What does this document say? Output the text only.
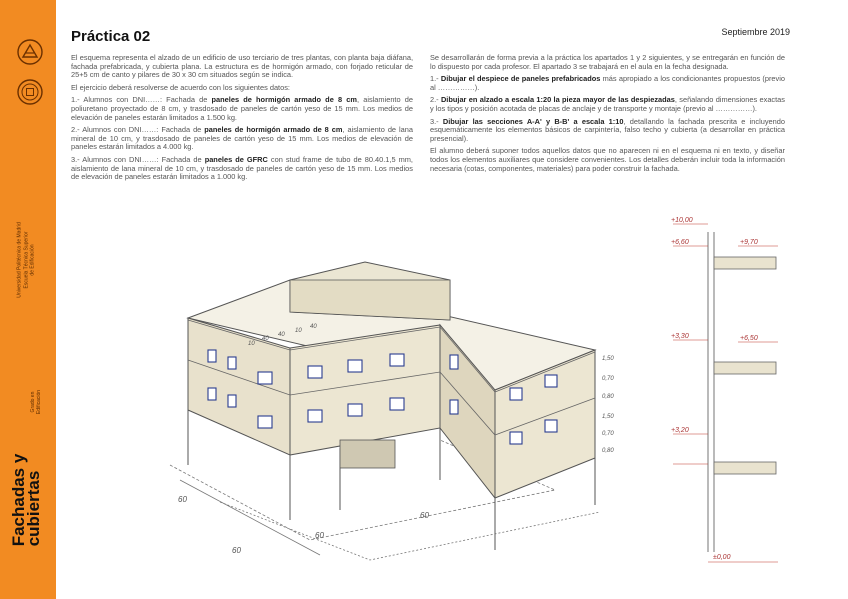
Universidad Politécnica de Madrid Escuela Técnica Superior de Edificación
Grado en Edificación
Fachadas y
cubiertas
Práctica 02	Septiembre 2019

El esquema representa el alzado de un edificio de uso terciario de tres plantas, con planta baja diáfana, fachada prefabricada, y cubierta plana. La estructura es de hormigón armado, con forjado reticular de 25+5 cm de canto y pilares de 30 x 30 cm situados según se indica.

El ejercicio deberá resolverse de acuerdo con los siguientes datos:

1.- Alumnos con DNI……: Fachada de paneles de hormigón armado de 8 cm, aislamiento de poliuretano proyectado de 8 cm, y trasdosado de paneles de cartón yeso de 15 mm. Los medios de elevación de paneles estarán limitados a 1.500 kg.

2.- Alumnos con DNI……: Fachada de paneles de hormigón armado de 8 cm, aislamiento de lana mineral de 10 cm, y trasdosado de paneles de cartón yeso de 15 mm. Los medios de elevación de paneles estarán limitados a 4.000 kg.

3.- Alumnos con DNI……: Fachada de paneles de GFRC con stud frame de tubo de 80.40.1,5 mm, aislamiento de lana mineral de 10 cm, y trasdosado de paneles de cartón yeso de 15 mm. Los medios de elevación de paneles estarán limitados a 1.000 kg.

Se desarrollarán de forma previa a la práctica los apartados 1 y 2 siguientes, y se entregarán en función de lo dispuesto por cada profesor. El apartado 3 se trabajará en el aula en la fecha designada.

1.- Dibujar el despiece de paneles prefabricados más apropiado a los condicionantes propuestos (previo al ……………).

2.- Dibujar en alzado a escala 1:20 la pieza mayor de las despiezadas, señalando dimensiones exactas y los tipos y posición acotada de placas de anclaje y de transporte y montaje (previo al ……………).

3.- Dibujar las secciones A-A' y B-B' a escala 1:10, detallando la fachada prescrita e incluyendo esquemáticamente los elementos básicos de carpintería, falso techo y cubierta (a desarrollar en práctica presencial).

El alumno deberá suponer todos aquellos datos que no aparecen ni en el esquema ni en texto, y diseñar todos los elementos auxiliares que considere convenientes. Los detalles deberán incluir toda la información necesaria (cotas, componentes, materiales) para poder construir la fachada.

60
60
60
60
10
40
40
10
40
1,50
0,70
0,80
1,50
0,70
0,80
+10,00
+9,70
+6,60
+6,50
+3,30
+3,20
±0,00
